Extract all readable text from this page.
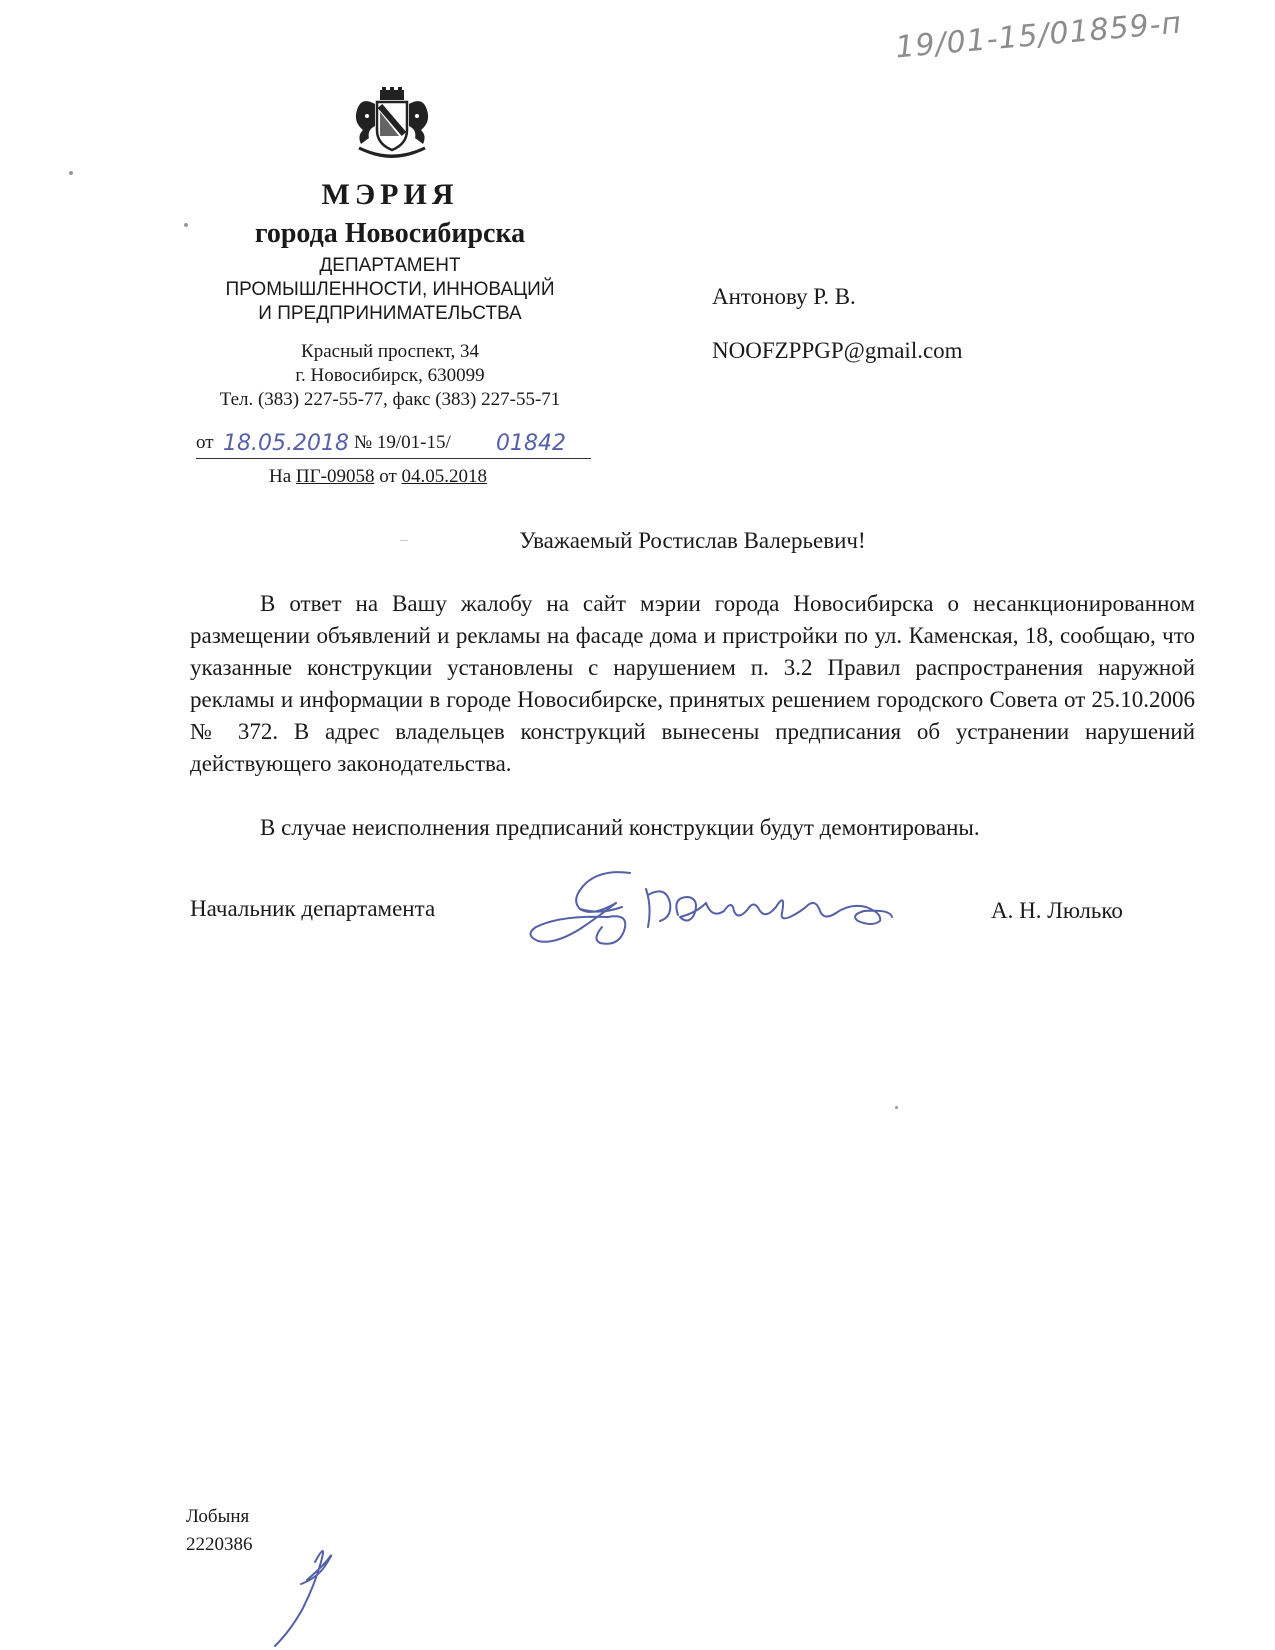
19/01-15/01859-п
МЭРИЯ
города Новосибирска
ДЕПАРТАМЕНТ
ПРОМЫШЛЕННОСТИ, ИННОВАЦИЙ
И ПРЕДПРИНИМАТЕЛЬСТВА
Красный проспект, 34
г. Новосибирск, 630099
Тел. (383) 227-55-77, факс (383) 227-55-71
от 18.05.2018 № 19/01-15/ 01842
На ПГ-09058 от 04.05.2018
Антонову Р. В.
NOOFZPPGP@gmail.com
Уважаемый Ростислав Валерьевич!

В ответ на Вашу жалобу на сайт мэрии города Новосибирска о несанкционированном размещении объявлений и рекламы на фасаде дома и пристройки по ул. Каменская, 18, сообщаю, что указанные конструкции установлены с нарушением п. 3.2 Правил распространения наружной рекламы и информации в городе Новосибирске, принятых решением городского Совета от 25.10.2006 № 372. В адрес владельцев конструкций вынесены предписания об устранении нарушений действующего законодательства.

В случае неисполнения предписаний конструкции будут демонтированы.

Начальник департамента	А. Н. Люлько
Лобыня
2220386
